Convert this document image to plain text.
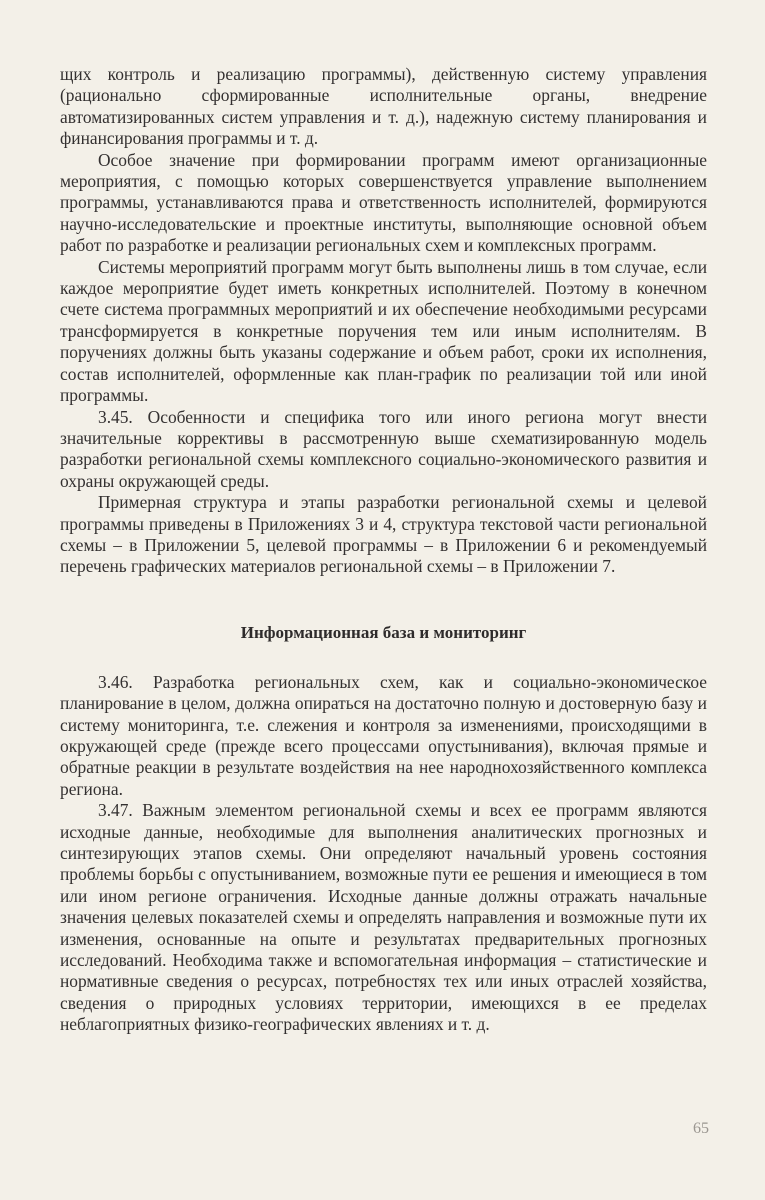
щих контроль и реализацию программы), действенную систему управления (рационально сформированные исполнительные органы, внедрение автоматизированных систем управления и т. д.), надежную систему планирования и финансирования программы и т. д.

Особое значение при формировании программ имеют организационные мероприятия, с помощью которых совершенствуется управление выполнением программы, устанавливаются права и ответственность исполнителей, формируются научно-исследовательские и проектные институты, выполняющие основной объем работ по разработке и реализации региональных схем и комплексных программ.

Системы мероприятий программ могут быть выполнены лишь в том случае, если каждое мероприятие будет иметь конкретных исполнителей. Поэтому в конечном счете система программных мероприятий и их обеспечение необходимыми ресурсами трансформируется в конкретные поручения тем или иным исполнителям. В поручениях должны быть указаны содержание и объем работ, сроки их исполнения, состав исполнителей, оформленные как план-график по реализации той или иной программы.

3.45. Особенности и специфика того или иного региона могут внести значительные коррективы в рассмотренную выше схематизированную модель разработки региональной схемы комплексного социально-экономического развития и охраны окружающей среды.

Примерная структура и этапы разработки региональной схемы и целевой программы приведены в Приложениях 3 и 4, структура текстовой части региональной схемы – в Приложении 5, целевой программы – в Приложении 6 и рекомендуемый перечень графических материалов региональной схемы – в Приложении 7.

Информационная база и мониторинг

3.46. Разработка региональных схем, как и социально-экономическое планирование в целом, должна опираться на достаточно полную и достоверную базу и систему мониторинга, т.е. слежения и контроля за изменениями, происходящими в окружающей среде (прежде всего процессами опустынивания), включая прямые и обратные реакции в результате воздействия на нее народнохозяйственного комплекса региона.

3.47. Важным элементом региональной схемы и всех ее программ являются исходные данные, необходимые для выполнения аналитических прогнозных и синтезирующих этапов схемы. Они определяют начальный уровень состояния проблемы борьбы с опустыниванием, возможные пути ее решения и имеющиеся в том или ином регионе ограничения. Исходные данные должны отражать начальные значения целевых показателей схемы и определять направления и возможные пути их изменения, основанные на опыте и результатах предварительных прогнозных исследований. Необходима также и вспомогательная информация – статистические и нормативные сведения о ресурсах, потребностях тех или иных отраслей хозяйства, сведения о природных условиях территории, имеющихся в ее пределах неблагоприятных физико-географических явлениях и т. д.

65
